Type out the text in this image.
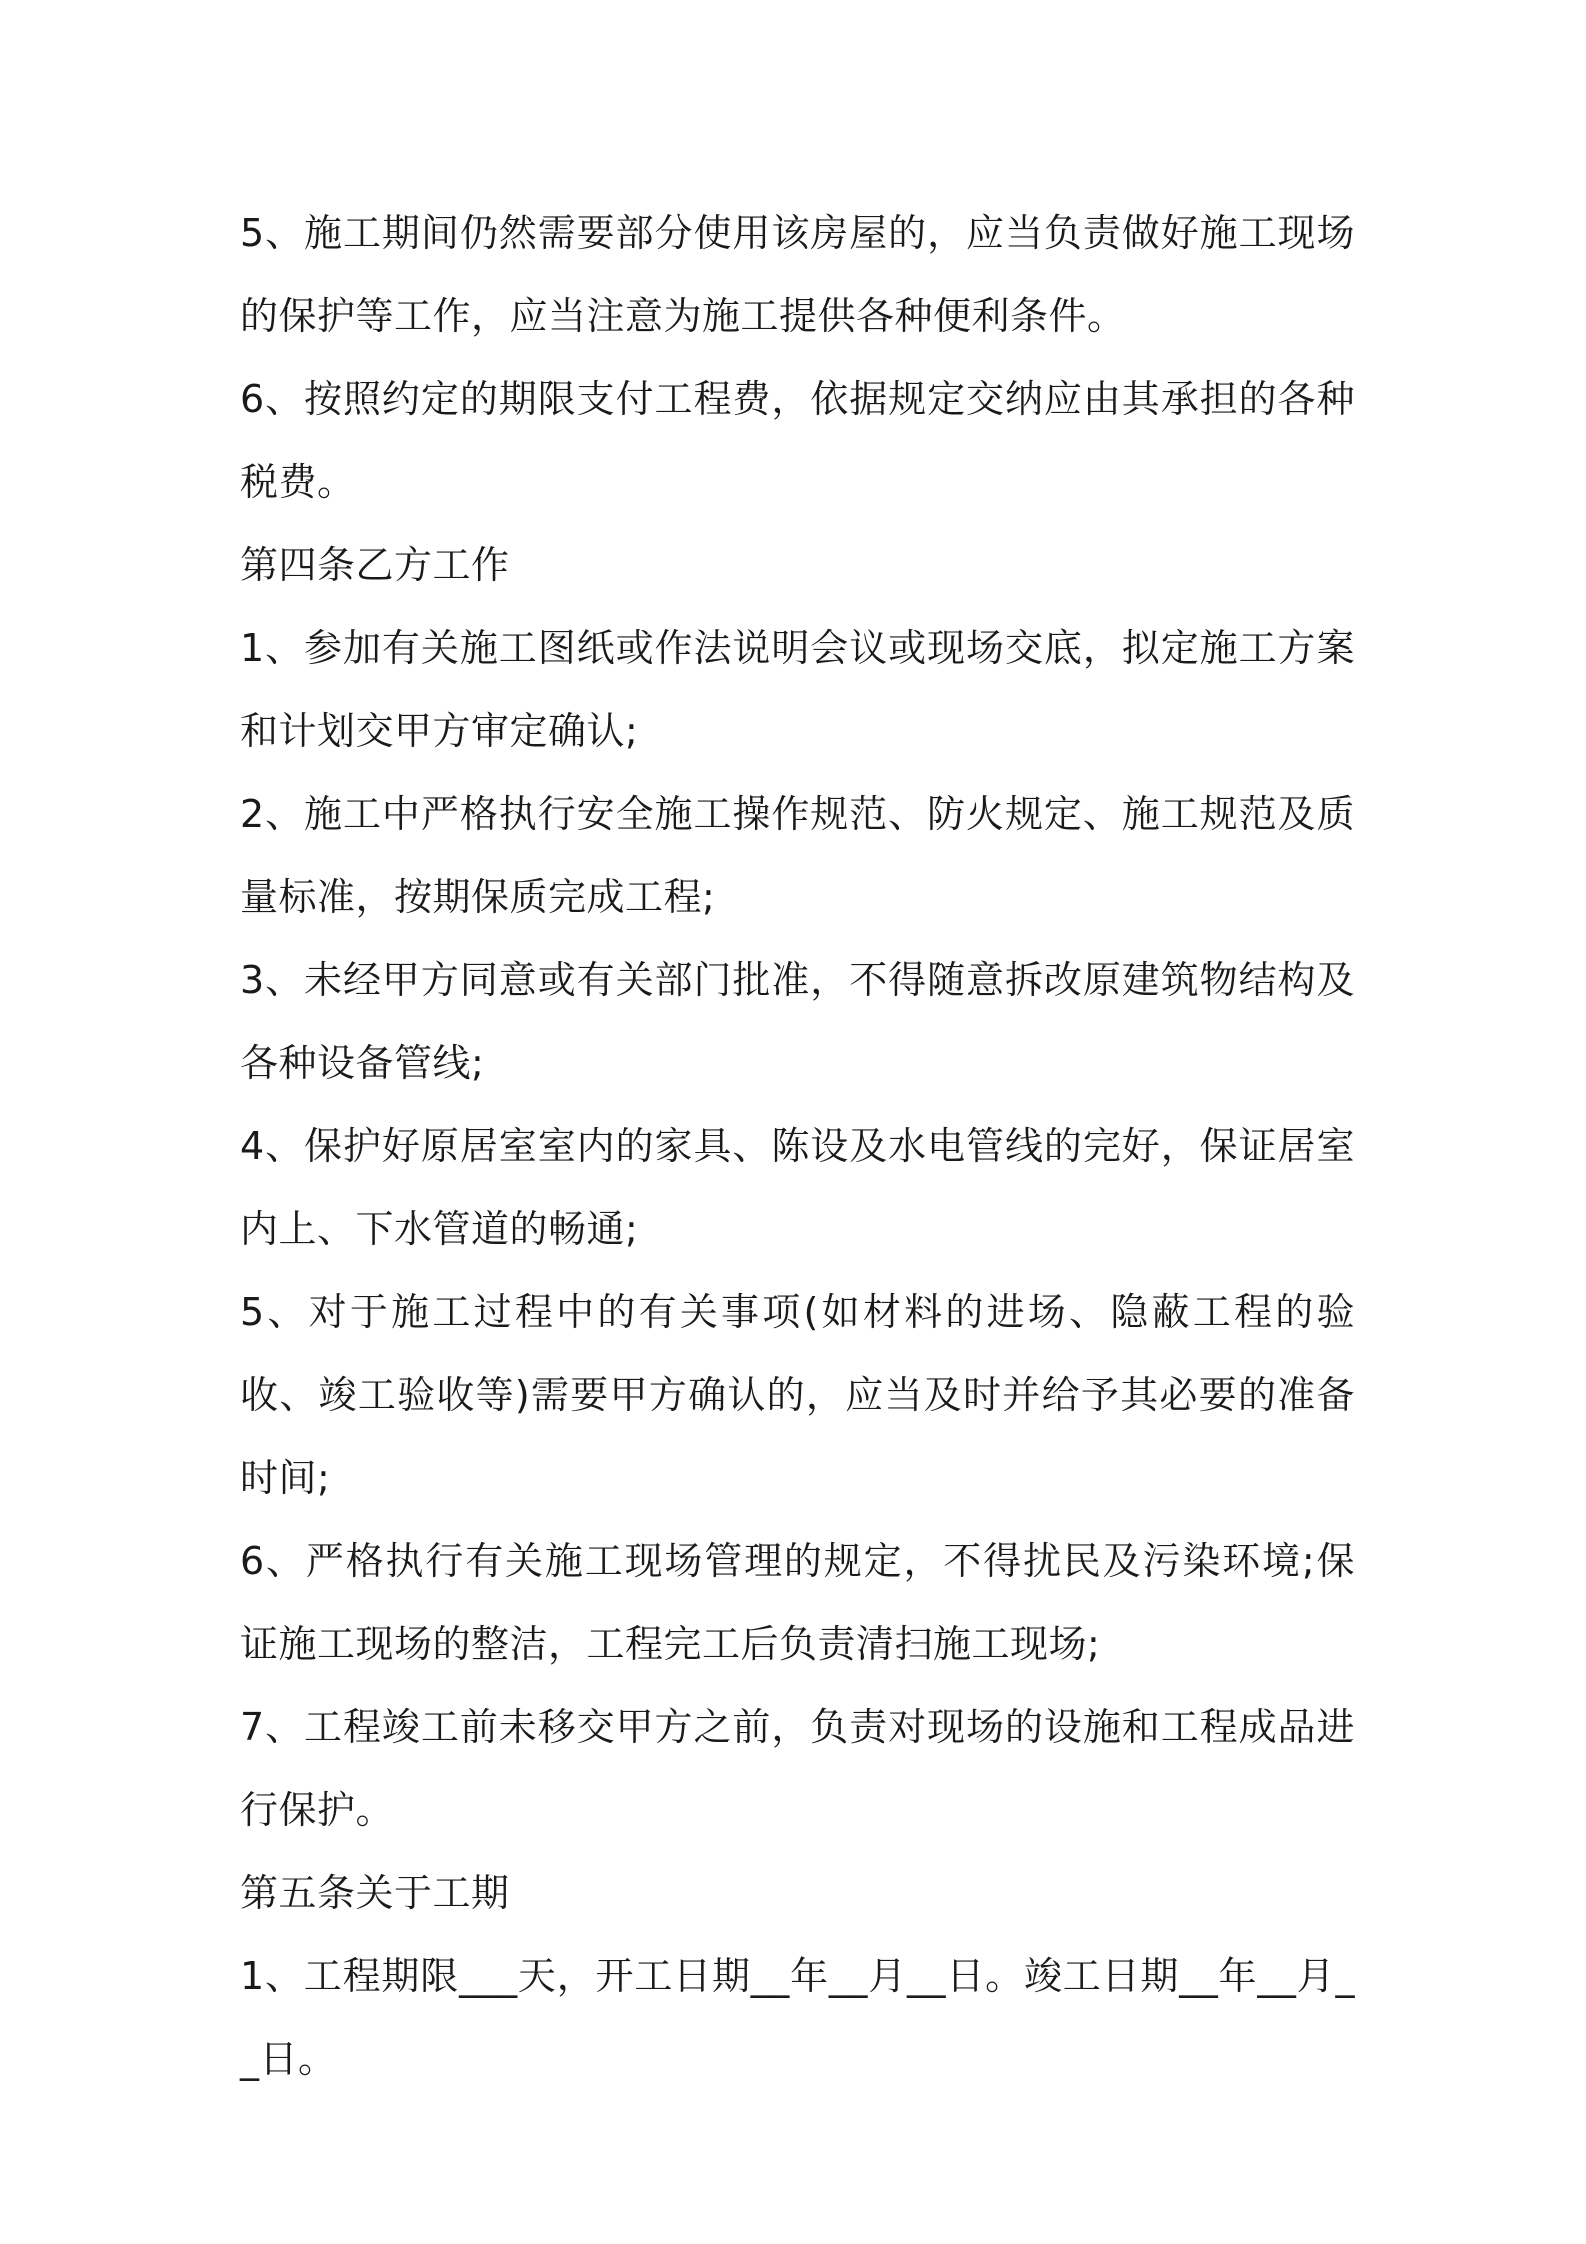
5、施工期间仍然需要部分使用该房屋的，应当负责做好施工现场的保护等工作，应当注意为施工提供各种便利条件。

6、按照约定的期限支付工程费，依据规定交纳应由其承担的各种税费。

第四条乙方工作

1、参加有关施工图纸或作法说明会议或现场交底，拟定施工方案和计划交甲方审定确认;

2、施工中严格执行安全施工操作规范、防火规定、施工规范及质量标准，按期保质完成工程;

3、未经甲方同意或有关部门批准，不得随意拆改原建筑物结构及各种设备管线;

4、保护好原居室室内的家具、陈设及水电管线的完好，保证居室内上、下水管道的畅通;

5、对于施工过程中的有关事项(如材料的进场、隐蔽工程的验收、竣工验收等)需要甲方确认的，应当及时并给予其必要的准备时间;

6、严格执行有关施工现场管理的规定，不得扰民及污染环境;保证施工现场的整洁，工程完工后负责清扫施工现场;

7、工程竣工前未移交甲方之前，负责对现场的设施和工程成品进行保护。

第五条关于工期

1、工程期限___天，开工日期__年__月__日。竣工日期__年__月__日。
